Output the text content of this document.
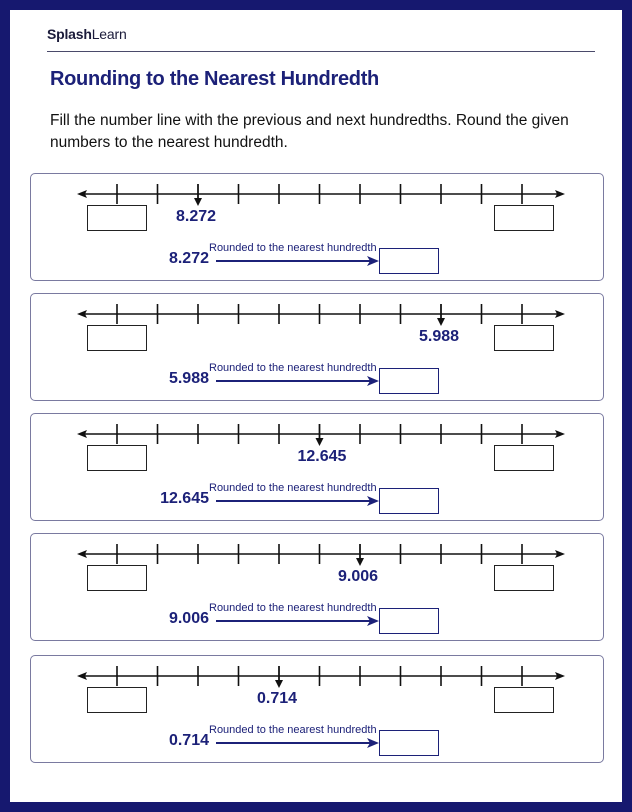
SplashLearn
Rounding to the Nearest Hundredth
Fill the number line with the previous and next hundredths. Round the given numbers to the nearest hundredth.
8.272
8.272
Rounded to the nearest hundredth
5.988
5.988
Rounded to the nearest hundredth
12.645
12.645
Rounded to the nearest hundredth
9.006
9.006
Rounded to the nearest hundredth
0.714
0.714
Rounded to the nearest hundredth
